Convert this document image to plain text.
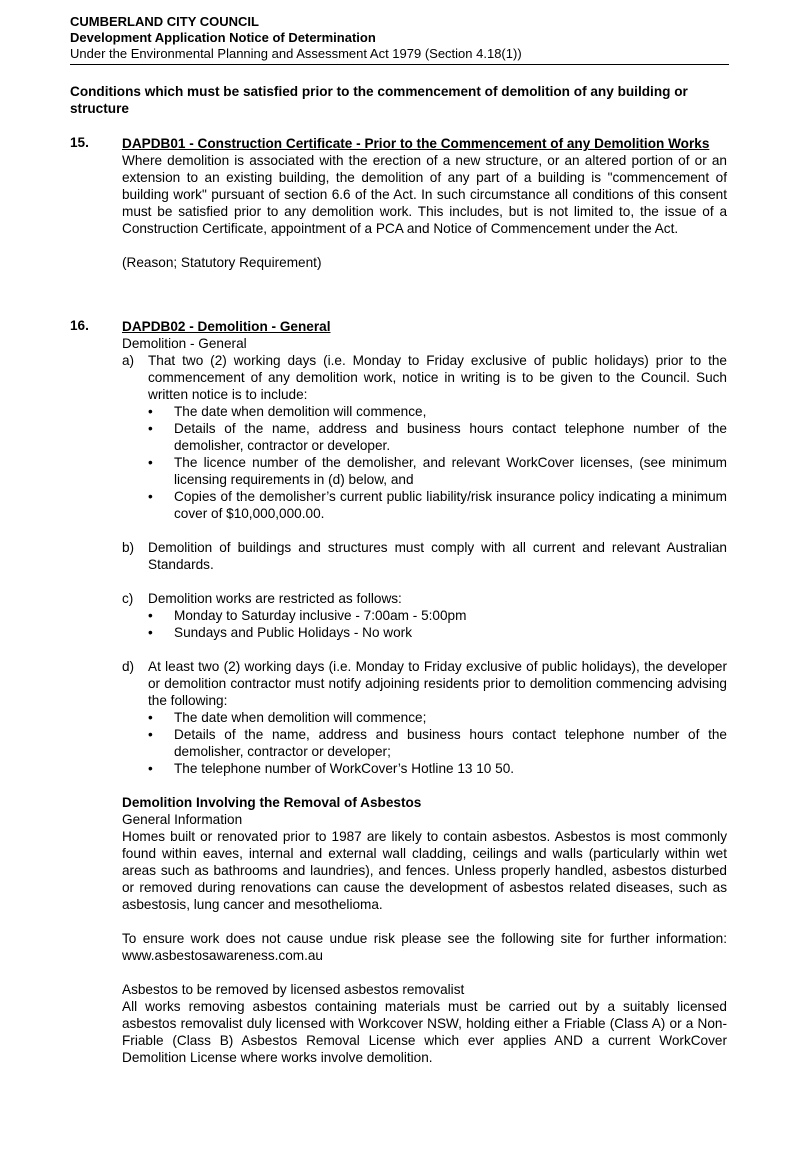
CUMBERLAND CITY COUNCIL
Development Application Notice of Determination
Under the Environmental Planning and Assessment Act 1979 (Section 4.18(1))
Conditions which must be satisfied prior to the commencement of demolition of any building or structure
15. DAPDB01 - Construction Certificate - Prior to the Commencement of any Demolition Works
Where demolition is associated with the erection of a new structure, or an altered portion of or an extension to an existing building, the demolition of any part of a building is "commencement of building work" pursuant of section 6.6 of the Act. In such circumstance all conditions of this consent must be satisfied prior to any demolition work. This includes, but is not limited to, the issue of a Construction Certificate, appointment of a PCA and Notice of Commencement under the Act.
(Reason; Statutory Requirement)
16. DAPDB02 - Demolition - General
Demolition - General
a) That two (2) working days (i.e. Monday to Friday exclusive of public holidays) prior to the commencement of any demolition work, notice in writing is to be given to the Council. Such written notice is to include:
• The date when demolition will commence,
• Details of the name, address and business hours contact telephone number of the demolisher, contractor or developer.
• The licence number of the demolisher, and relevant WorkCover licenses, (see minimum licensing requirements in (d) below, and
• Copies of the demolisher’s current public liability/risk insurance policy indicating a minimum cover of $10,000,000.00.
b) Demolition of buildings and structures must comply with all current and relevant Australian Standards.
c) Demolition works are restricted as follows:
• Monday to Saturday inclusive - 7:00am - 5:00pm
• Sundays and Public Holidays - No work
d) At least two (2) working days (i.e. Monday to Friday exclusive of public holidays), the developer or demolition contractor must notify adjoining residents prior to demolition commencing advising the following:
• The date when demolition will commence;
• Details of the name, address and business hours contact telephone number of the demolisher, contractor or developer;
• The telephone number of WorkCover’s Hotline 13 10 50.
Demolition Involving the Removal of Asbestos
General Information
Homes built or renovated prior to 1987 are likely to contain asbestos. Asbestos is most commonly found within eaves, internal and external wall cladding, ceilings and walls (particularly within wet areas such as bathrooms and laundries), and fences. Unless properly handled, asbestos disturbed or removed during renovations can cause the development of asbestos related diseases, such as asbestosis, lung cancer and mesothelioma.
To ensure work does not cause undue risk please see the following site for further information: www.asbestosawareness.com.au
Asbestos to be removed by licensed asbestos removalist
All works removing asbestos containing materials must be carried out by a suitably licensed asbestos removalist duly licensed with Workcover NSW, holding either a Friable (Class A) or a Non- Friable (Class B) Asbestos Removal License which ever applies AND a current WorkCover Demolition License where works involve demolition.
